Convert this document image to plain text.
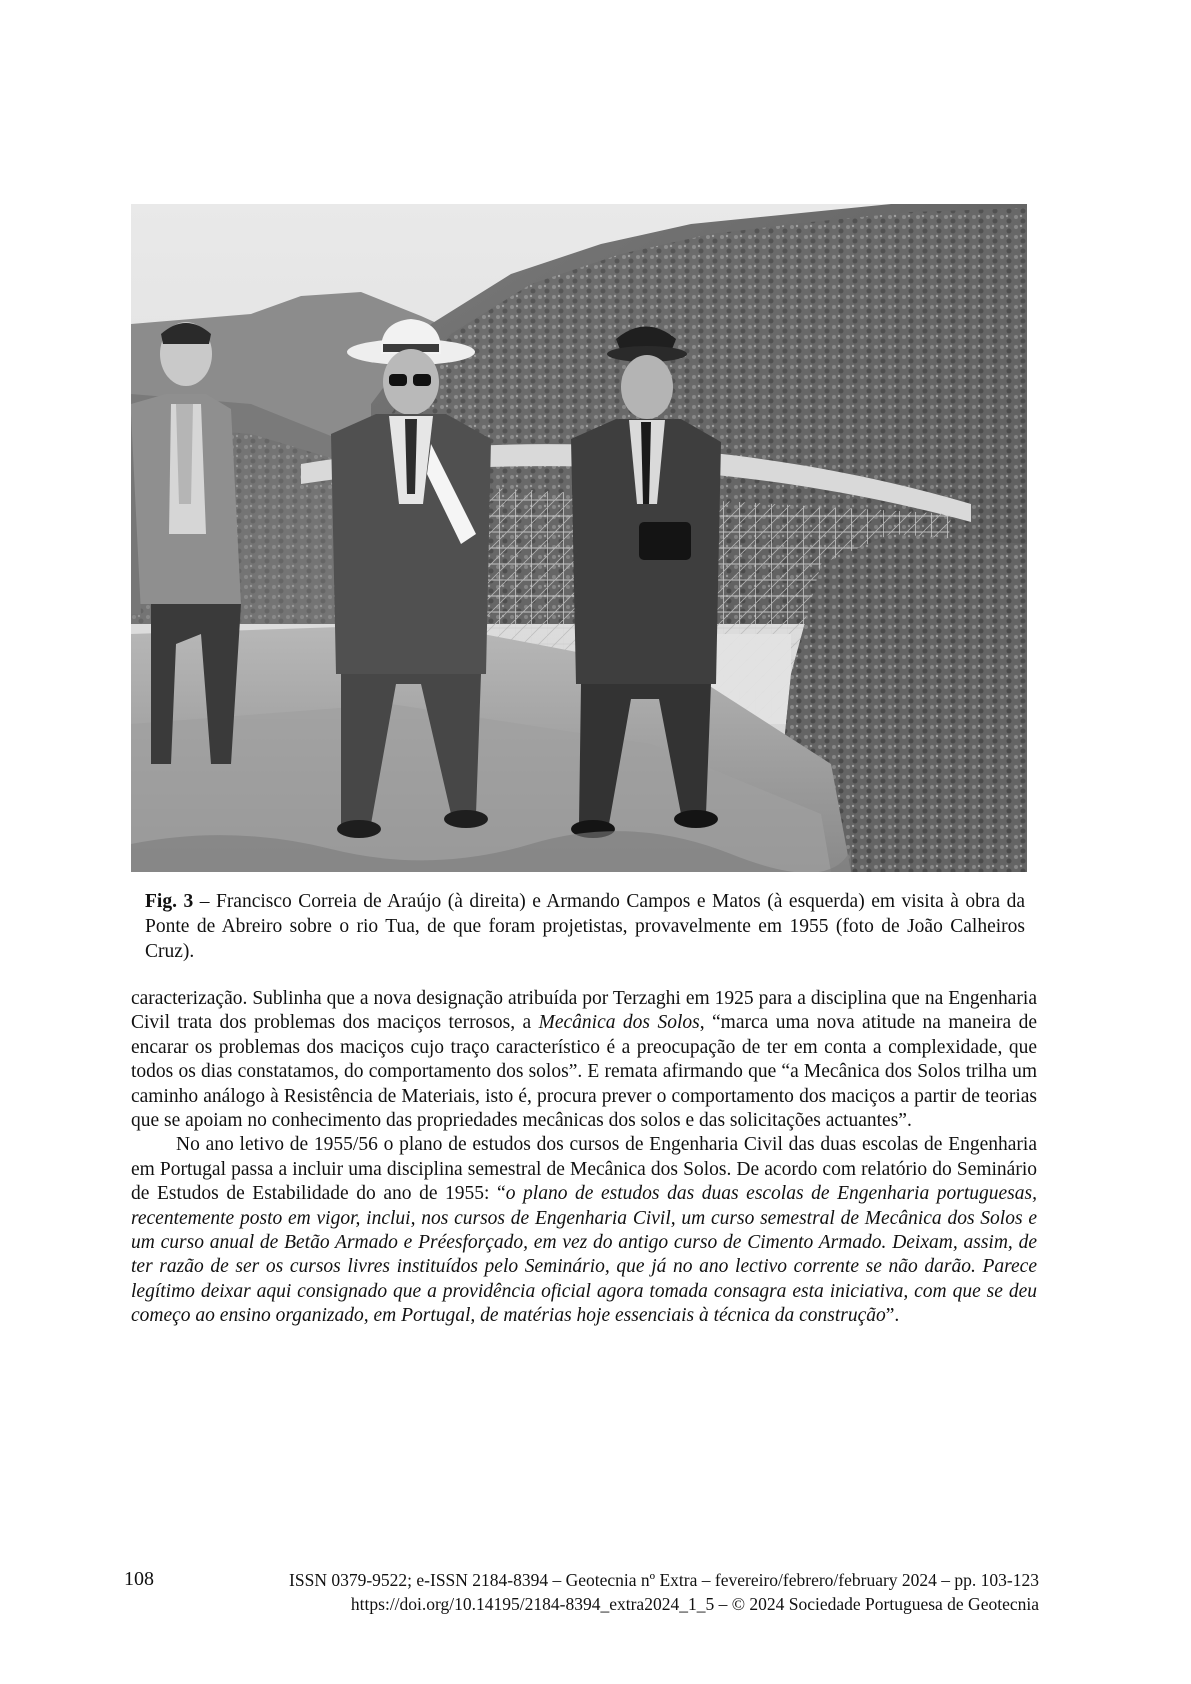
Fig. 3 – Francisco Correia de Araújo (à direita) e Armando Campos e Matos (à esquerda) em visita à obra da Ponte de Abreiro sobre o rio Tua, de que foram projetistas, provavelmente em 1955 (foto de João Calheiros Cruz).

caracterização. Sublinha que a nova designação atribuída por Terzaghi em 1925 para a disciplina que na Engenharia Civil trata dos problemas dos maciços terrosos, a Mecânica dos Solos, “marca uma nova atitude na maneira de encarar os problemas dos maciços cujo traço característico é a preocupação de ter em conta a complexidade, que todos os dias constatamos, do comportamento dos solos”. E remata afirmando que “a Mecânica dos Solos trilha um caminho análogo à Resistência de Materiais, isto é, procura prever o comportamento dos maciços a partir de teorias que se apoiam no conhecimento das propriedades mecânicas dos solos e das solicitações actuantes”.

No ano letivo de 1955/56 o plano de estudos dos cursos de Engenharia Civil das duas escolas de Engenharia em Portugal passa a incluir uma disciplina semestral de Mecânica dos Solos. De acordo com relatório do Seminário de Estudos de Estabilidade do ano de 1955: “o plano de estudos das duas escolas de Engenharia portuguesas, recentemente posto em vigor, inclui, nos cursos de Engenharia Civil, um curso semestral de Mecânica dos Solos e um curso anual de Betão Armado e Préesforçado, em vez do antigo curso de Cimento Armado. Deixam, assim, de ter razão de ser os cursos livres instituídos pelo Seminário, que já no ano lectivo corrente se não darão. Parece legítimo deixar aqui consignado que a providência oficial agora tomada consagra esta iniciativa, com que se deu começo ao ensino organizado, em Portugal, de matérias hoje essenciais à técnica da construção”.

108	ISSN 0379-9522; e-ISSN 2184-8394 – Geotecnia nº Extra – fevereiro/febrero/february 2024 – pp. 103-123
https://doi.org/10.14195/2184-8394_extra2024_1_5 – © 2024 Sociedade Portuguesa de Geotecnia
